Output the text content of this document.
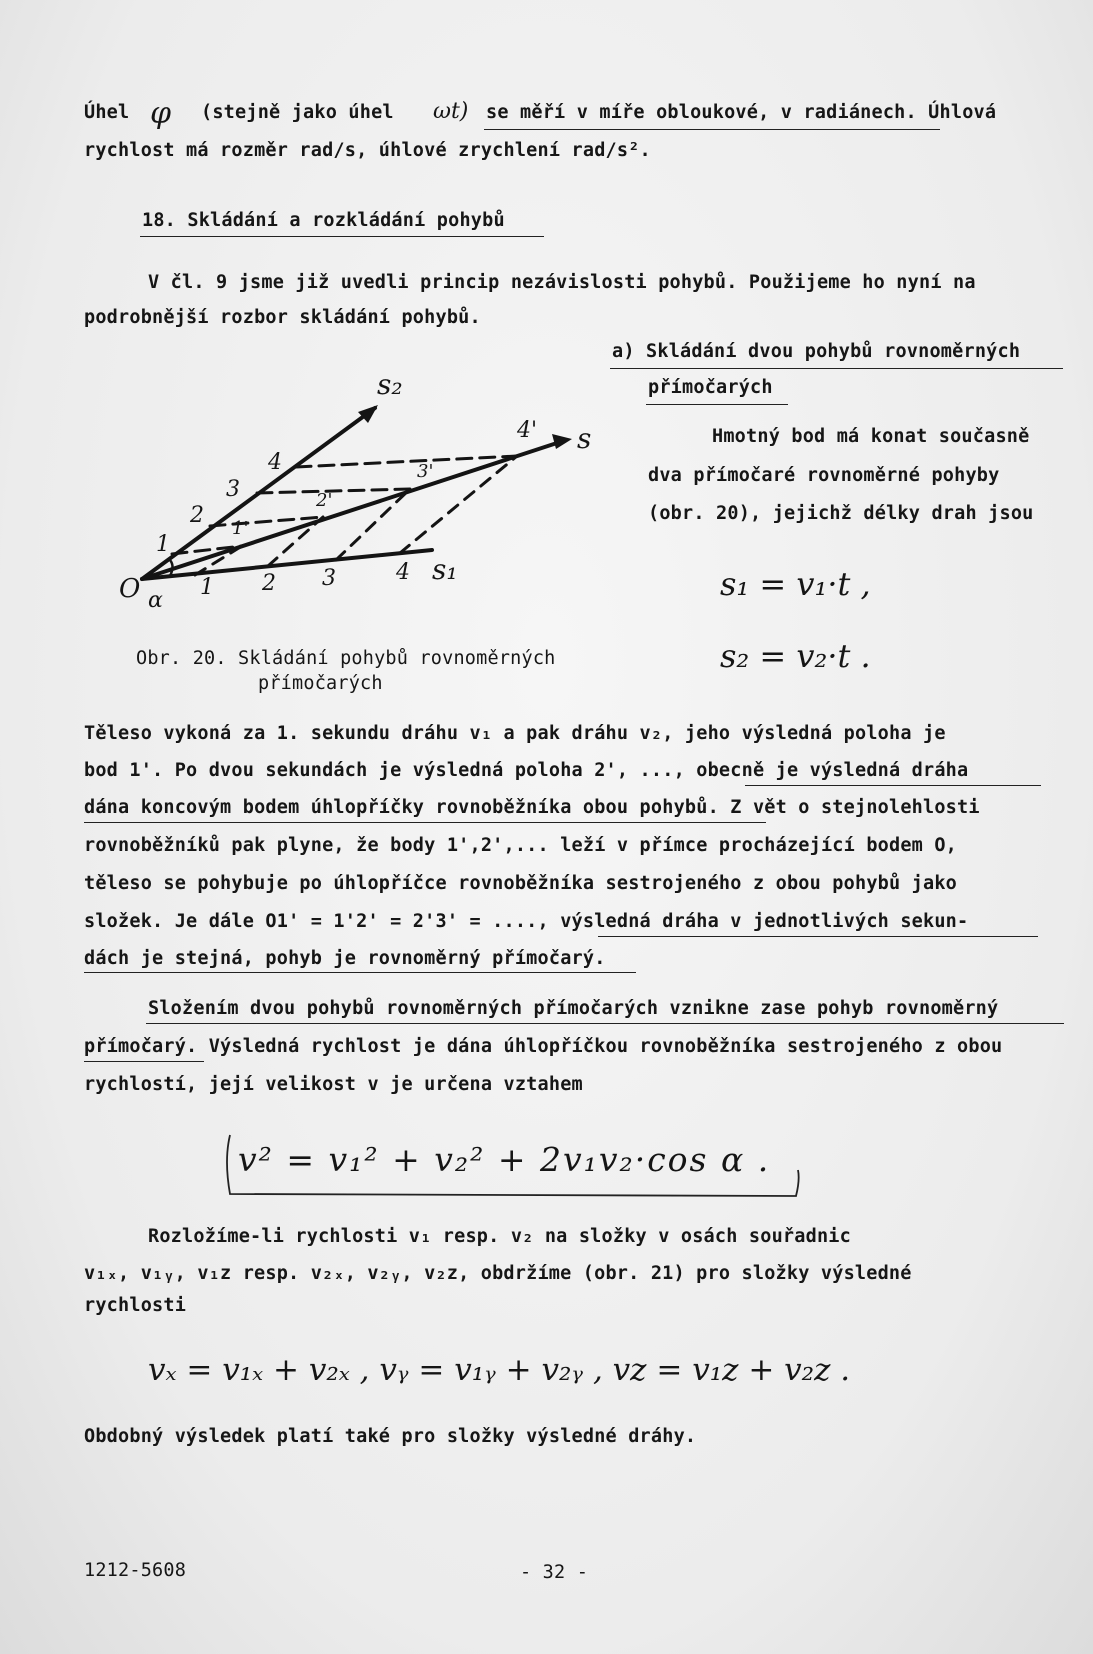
Úhel φ (stejně jako úhel ωt) se měří v míře obloukové, v radiánech. Úhlová
rychlost má rozměr rad/s, úhlové zrychlení rad/s².
18. Skládání a rozkládání pohybů
V čl. 9 jsme již uvedli princip nezávislosti pohybů. Použijeme ho nyní na
podrobnější rozbor skládání pohybů.
a) Skládání dvou pohybů rovnoměrných
přímočarých
Hmotný bod má konat současně
dva přímočaré rovnoměrné pohyby
(obr. 20), jejichž délky drah jsou
s₁ = v₁·t ,
s₂ = v₂·t .
O α
s₂
s
s₁
1 2 3	4
1
2
3
4
1'
2'
3'
4'
Obr. 20. Skládání pohybů rovnoměrných
přímočarých
Těleso vykoná za 1. sekundu dráhu v₁ a pak dráhu v₂, jeho výsledná poloha je
bod 1'. Po dvou sekundách je výsledná poloha 2', ..., obecně je výsledná dráha
dána koncovým bodem úhlopříčky rovnoběžníka obou pohybů. Z vět o stejnolehlosti
rovnoběžníků pak plyne, že body 1',2',... leží v přímce procházející bodem O,
těleso se pohybuje po úhlopříčce rovnoběžníka sestrojeného z obou pohybů jako
složek. Je dále O1' = 1'2' = 2'3' = ...., výsledná dráha v jednotlivých sekun-
dách je stejná, pohyb je rovnoměrný přímočarý.
Složením dvou pohybů rovnoměrných přímočarých vznikne zase pohyb rovnoměrný
přímočarý. Výsledná rychlost je dána úhlopříčkou rovnoběžníka sestrojeného z obou
rychlostí, její velikost v je určena vztahem
v² = v₁² + v₂² + 2v₁v₂·cos α .
Rozložíme-li rychlosti v₁ resp. v₂ na složky v osách souřadnic
v₁ₓ, v₁ᵧ, v₁z resp. v₂ₓ, v₂ᵧ, v₂z, obdržíme (obr. 21) pro složky výsledné
rychlosti
vₓ = v₁ₓ + v₂ₓ , vᵧ = v₁ᵧ + v₂ᵧ , vz = v₁z + v₂z .
Obdobný výsledek platí také pro složky výsledné dráhy.
1212-5608	- 32 -
